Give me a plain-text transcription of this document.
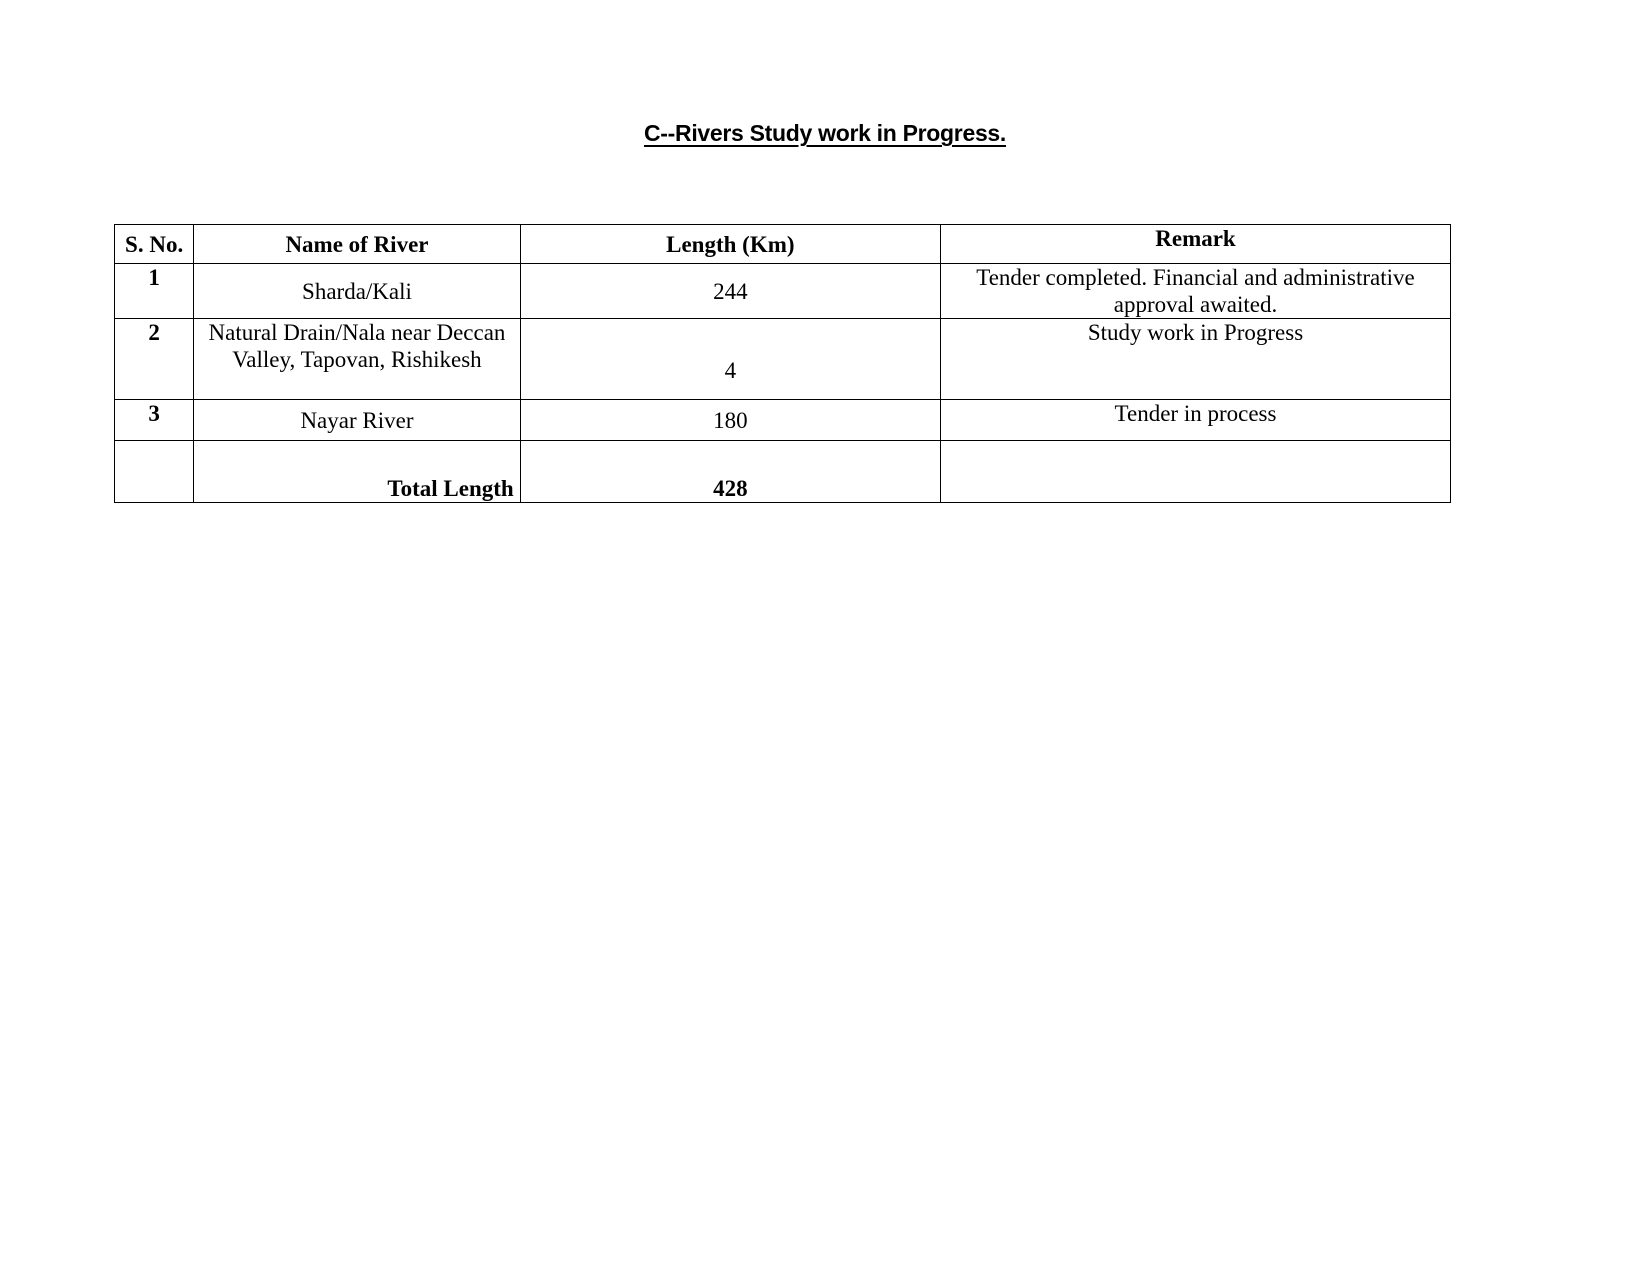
C--Rivers Study work in Progress.
S. No.	Name of River	Length (Km)	Remark
1	Sharda/Kali	244	Tender completed. Financial and administrative approval awaited.
2	Natural Drain/Nala near Deccan Valley, Tapovan, Rishikesh	4	Study work in Progress
3	Nayar River	180	Tender in process
	Total Length	428	
